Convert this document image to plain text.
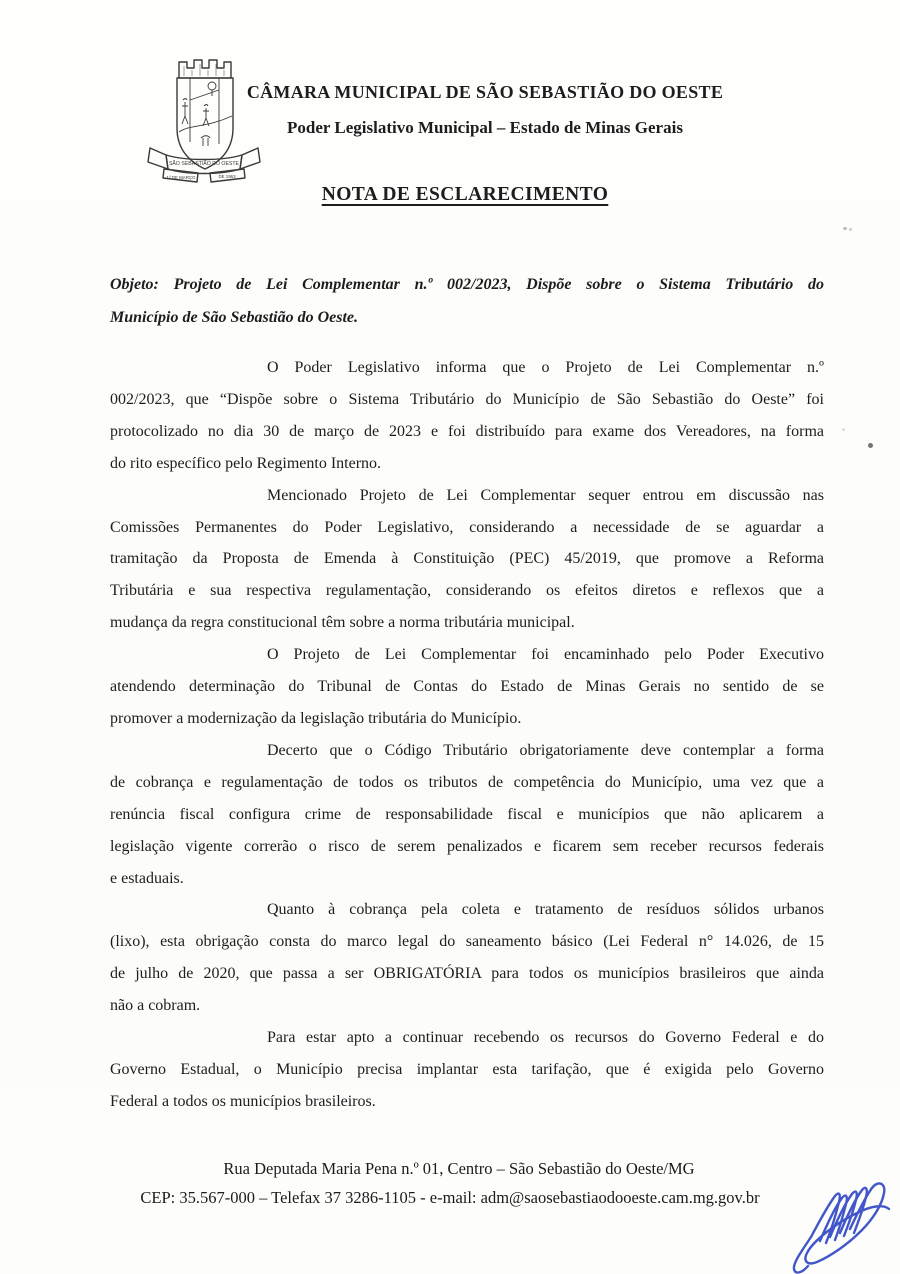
SÃO SEBASTIÃO DO OESTE
1º DE MARÇO	DE 1963
CÂMARA MUNICIPAL DE SÃO SEBASTIÃO DO OESTE
Poder Legislativo Municipal – Estado de Minas Gerais
NOTA DE ESCLARECIMENTO
Objeto: Projeto de Lei Complementar n.º 002/2023, Dispõe sobre o Sistema Tributário do
Município de São Sebastião do Oeste.
O Poder Legislativo informa que o Projeto de Lei Complementar n.º
002/2023, que “Dispõe sobre o Sistema Tributário do Município de São Sebastião do Oeste” foi
protocolizado no dia 30 de março de 2023 e foi distribuído para exame dos Vereadores, na forma
do rito específico pelo Regimento Interno.
Mencionado Projeto de Lei Complementar sequer entrou em discussão nas
Comissões Permanentes do Poder Legislativo, considerando a necessidade de se aguardar a
tramitação da Proposta de Emenda à Constituição (PEC) 45/2019, que promove a Reforma
Tributária e sua respectiva regulamentação, considerando os efeitos diretos e reflexos que a
mudança da regra constitucional têm sobre a norma tributária municipal.
O Projeto de Lei Complementar foi encaminhado pelo Poder Executivo
atendendo determinação do Tribunal de Contas do Estado de Minas Gerais no sentido de se
promover a modernização da legislação tributária do Município.
Decerto que o Código Tributário obrigatoriamente deve contemplar a forma
de cobrança e regulamentação de todos os tributos de competência do Município, uma vez que a
renúncia fiscal configura crime de responsabilidade fiscal e municípios que não aplicarem a
legislação vigente correrão o risco de serem penalizados e ficarem sem receber recursos federais
e estaduais.
Quanto à cobrança pela coleta e tratamento de resíduos sólidos urbanos
(lixo), esta obrigação consta do marco legal do saneamento básico (Lei Federal n° 14.026, de 15
de julho de 2020, que passa a ser OBRIGATÓRIA para todos os municípios brasileiros que ainda
não a cobram.
Para estar apto a continuar recebendo os recursos do Governo Federal e do
Governo Estadual, o Município precisa implantar esta tarifação, que é exigida pelo Governo
Federal a todos os municípios brasileiros.
Rua Deputada Maria Pena n.º 01, Centro – São Sebastião do Oeste/MG
CEP: 35.567-000 – Telefax 37 3286-1105 - e-mail: adm@saosebastiaodooeste.cam.mg.gov.br
